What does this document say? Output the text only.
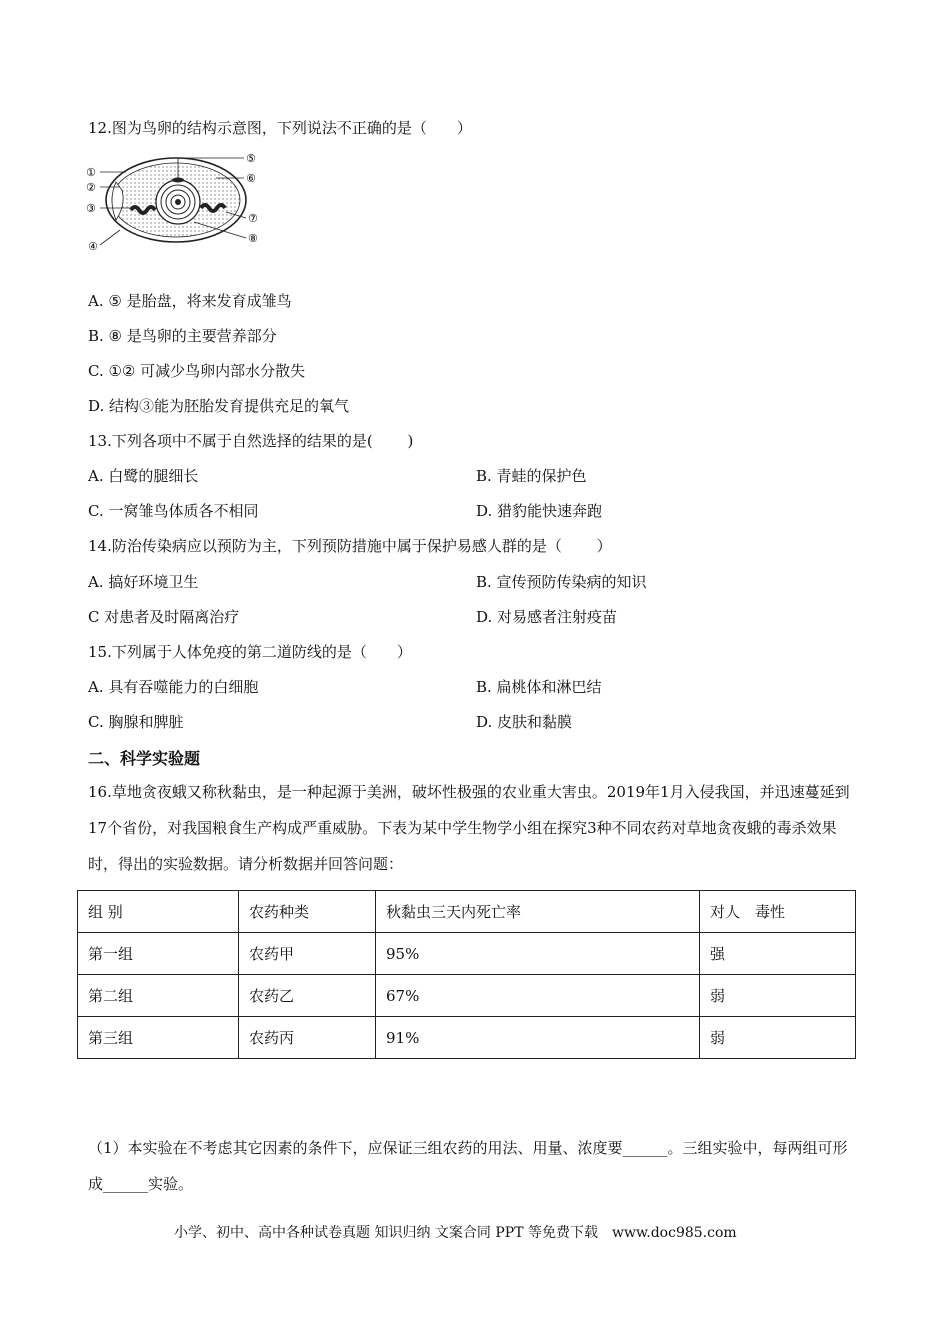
12.图为鸟卵的结构示意图，下列说法不正确的是（　　）
①
②
③
④
⑤
⑥
⑦
⑧
A. ⑤ 是胎盘，将来发育成雏鸟
B. ⑧ 是鸟卵的主要营养部分
C. ①② 可减少鸟卵内部水分散失
D. 结构③能为胚胎发育提供充足的氧气
13.下列各项中不属于自然选择的结果的是(　　 )
A. 白鹭的腿细长	B. 青蛙的保护色
C. 一窝雏鸟体质各不相同	D. 猎豹能快速奔跑
14.防治传染病应以预防为主，下列预防措施中属于保护易感人群的是（　　 ）
A. 搞好环境卫生	B. 宣传预防传染病的知识
C 对患者及时隔离治疗	D. 对易感者注射疫苗
15.下列属于人体免疫的第二道防线的是（　　）
A. 具有吞噬能力的白细胞	B. 扁桃体和淋巴结
C. 胸腺和脾脏	D. 皮肤和黏膜
二、科学实验题
16.草地贪夜蛾又称秋黏虫，是一种起源于美洲，破坏性极强的农业重大害虫。2019年1月入侵我国，并迅速蔓延到17个省份，对我国粮食生产构成严重威胁。下表为某中学生物学小组在探究3种不同农药对草地贪夜蛾的毒杀效果时，得出的实验数据。请分析数据并回答问题：
组 别	农药种类	秋黏虫三天内死亡率	对人　毒性
第一组	农药甲	95%	强
第二组	农药乙	67%	弱
第三组	农药丙	91%	弱
（1）本实验在不考虑其它因素的条件下，应保证三组农药的用法、用量、浓度要______。三组实验中，每两组可形成______实验。
小学、初中、高中各种试卷真题 知识归纳 文案合同 PPT 等免费下载　www.doc985.com
